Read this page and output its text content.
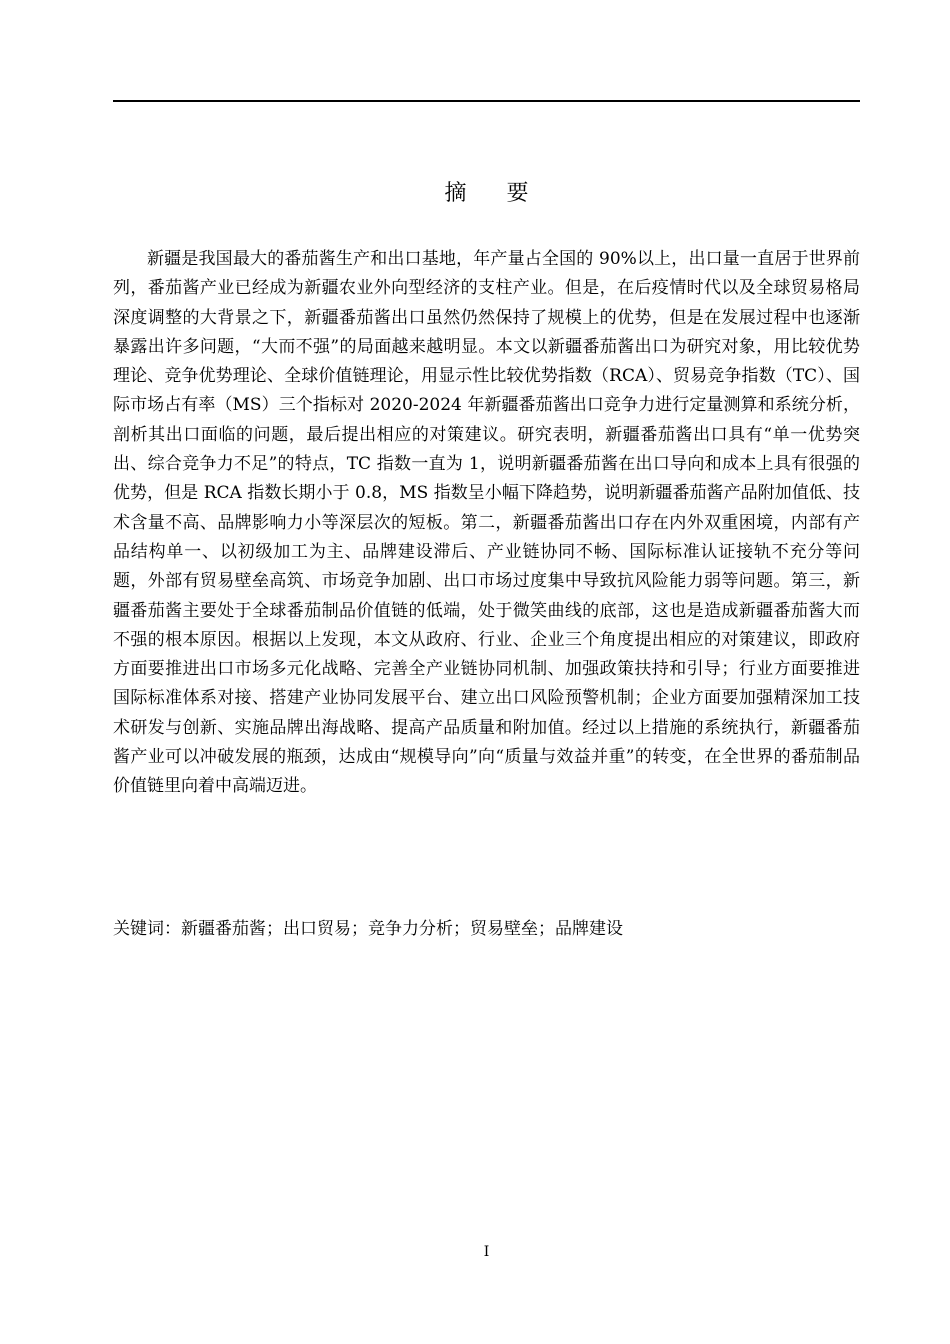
摘要

新疆是我国最大的番茄酱生产和出口基地，年产量占全国的 90%以上，出口量一直居于世界前列，番茄酱产业已经成为新疆农业外向型经济的支柱产业。但是，在后疫情时代以及全球贸易格局深度调整的大背景之下，新疆番茄酱出口虽然仍然保持了规模上的优势，但是在发展过程中也逐渐暴露出许多问题，“大而不强”的局面越来越明显。本文以新疆番茄酱出口为研究对象，用比较优势理论、竞争优势理论、全球价值链理论，用显示性比较优势指数（RCA）、贸易竞争指数（TC）、国际市场占有率（MS）三个指标对 2020-2024 年新疆番茄酱出口竞争力进行定量测算和系统分析，剖析其出口面临的问题，最后提出相应的对策建议。研究表明，新疆番茄酱出口具有“单一优势突出、综合竞争力不足”的特点，TC 指数一直为 1，说明新疆番茄酱在出口导向和成本上具有很强的优势，但是 RCA 指数长期小于 0.8，MS 指数呈小幅下降趋势，说明新疆番茄酱产品附加值低、技术含量不高、品牌影响力小等深层次的短板。第二，新疆番茄酱出口存在内外双重困境，内部有产品结构单一、以初级加工为主、品牌建设滞后、产业链协同不畅、国际标准认证接轨不充分等问题，外部有贸易壁垒高筑、市场竞争加剧、出口市场过度集中导致抗风险能力弱等问题。第三，新疆番茄酱主要处于全球番茄制品价值链的低端，处于微笑曲线的底部，这也是造成新疆番茄酱大而不强的根本原因。根据以上发现，本文从政府、行业、企业三个角度提出相应的对策建议，即政府方面要推进出口市场多元化战略、完善全产业链协同机制、加强政策扶持和引导；行业方面要推进国际标准体系对接、搭建产业协同发展平台、建立出口风险预警机制；企业方面要加强精深加工技术研发与创新、实施品牌出海战略、提高产品质量和附加值。经过以上措施的系统执行，新疆番茄酱产业可以冲破发展的瓶颈，达成由“规模导向”向“质量与效益并重”的转变，在全世界的番茄制品价值链里向着中高端迈进。

关键词：新疆番茄酱；出口贸易；竞争力分析；贸易壁垒；品牌建设

I
